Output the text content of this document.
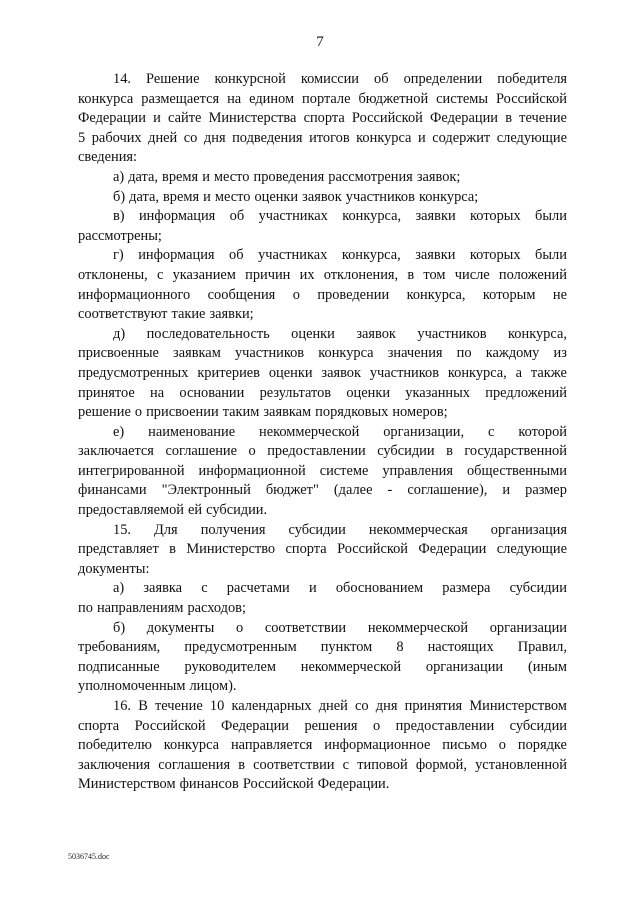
7
14. Решение конкурсной комиссии об определении победителя
конкурса размещается на едином портале бюджетной системы Российской
Федерации и сайте Министерства спорта Российской Федерации в течение
5 рабочих дней со дня подведения итогов конкурса и содержит следующие
сведения:
а) дата, время и место проведения рассмотрения заявок;
б) дата, время и место оценки заявок участников конкурса;
в) информация об участниках конкурса, заявки которых были
рассмотрены;
г) информация об участниках конкурса, заявки которых были
отклонены, с указанием причин их отклонения, в том числе положений
информационного сообщения о проведении конкурса, которым не
соответствуют такие заявки;
д) последовательность оценки заявок участников конкурса,
присвоенные заявкам участников конкурса значения по каждому из
предусмотренных критериев оценки заявок участников конкурса, а также
принятое на основании результатов оценки указанных предложений
решение о присвоении таким заявкам порядковых номеров;
е) наименование некоммерческой организации, с которой
заключается соглашение о предоставлении субсидии в государственной
интегрированной информационной системе управления общественными
финансами "Электронный бюджет" (далее - соглашение), и размер
предоставляемой ей субсидии.
15. Для получения субсидии некоммерческая организация
представляет в Министерство спорта Российской Федерации следующие
документы:
а) заявка с расчетами и обоснованием размера субсидии
по направлениям расходов;
б) документы о соответствии некоммерческой организации
требованиям, предусмотренным пунктом 8 настоящих Правил,
подписанные руководителем некоммерческой организации (иным
уполномоченным лицом).
16. В течение 10 календарных дней со дня принятия Министерством
спорта Российской Федерации решения о предоставлении субсидии
победителю конкурса направляется информационное письмо о порядке
заключения соглашения в соответствии с типовой формой, установленной
Министерством финансов Российской Федерации.
5036745.doc
